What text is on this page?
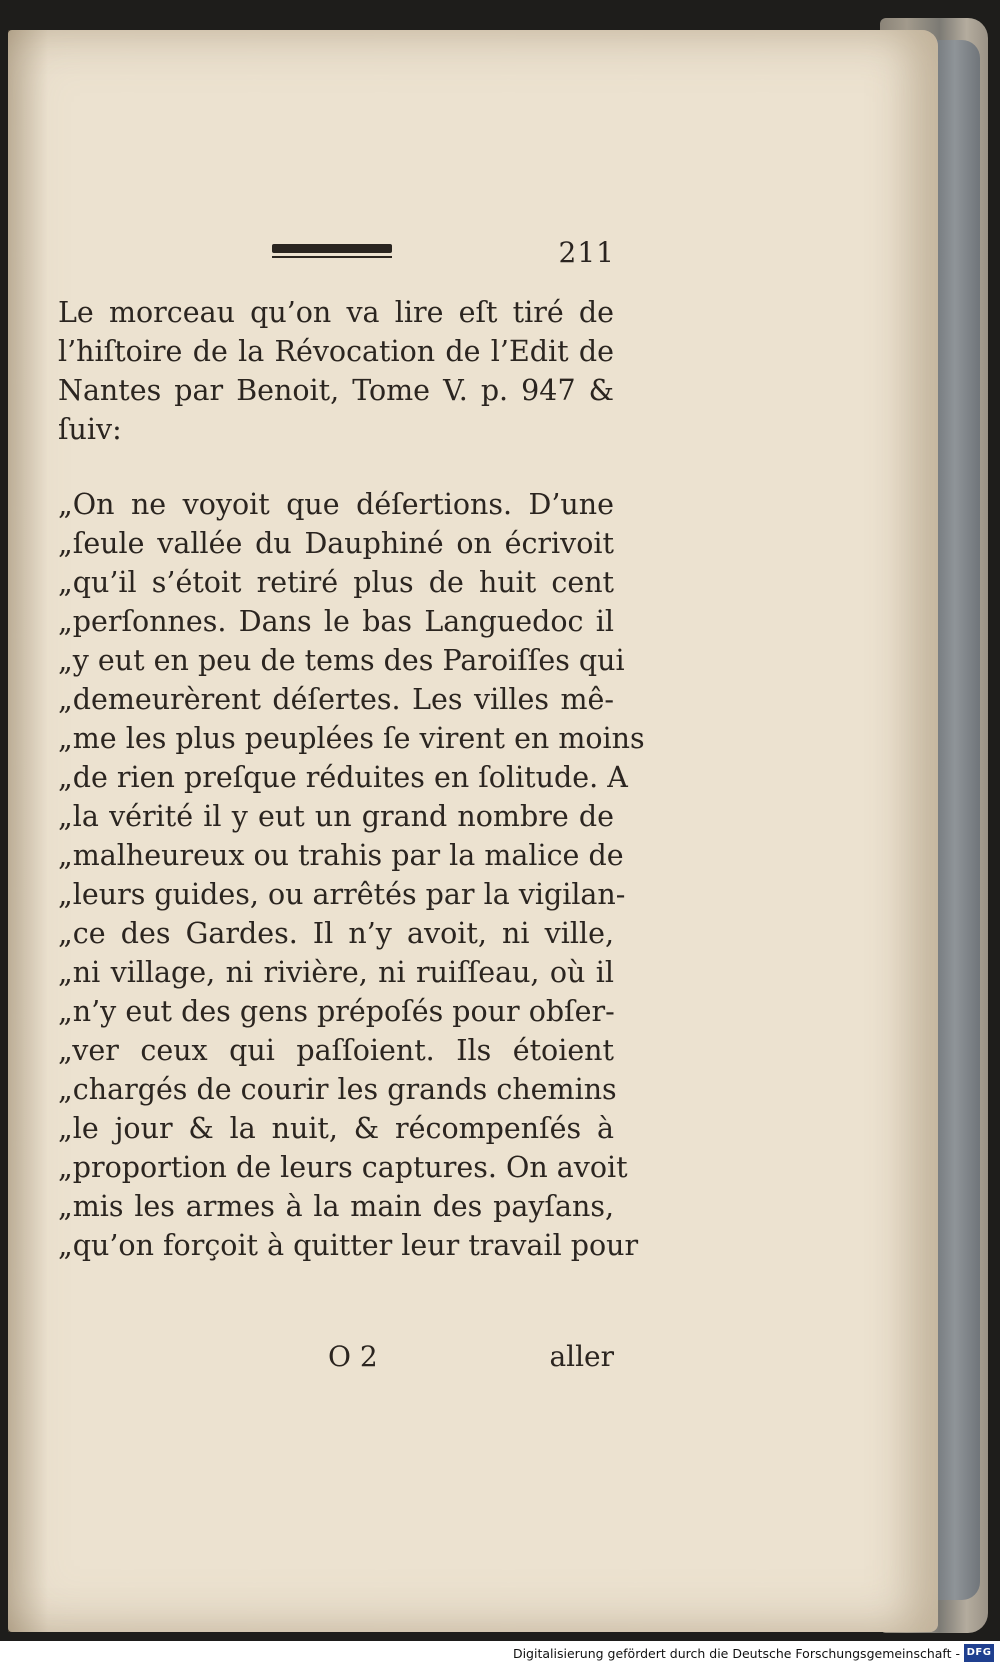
211
Le morceau qu’on va lire eſt tiré de
l’hiſtoire de la Révocation de l’Edit de
Nantes par Benoit, Tome V. p. 947 &
ſuiv:
„On ne voyoit que déſertions. D’une
„ſeule vallée du Dauphiné on écrivoit
„qu’il s’étoit retiré plus de huit cent
„perſonnes. Dans le bas Languedoc il
„y eut en peu de tems des Paroiſſes qui
„demeurèrent déſertes. Les villes mê-
„me les plus peuplées ſe virent en moins
„de rien preſque réduites en ſolitude. A
„la vérité il y eut un grand nombre de
„malheureux ou trahis par la malice de
„leurs guides, ou arrêtés par la vigilan-
„ce des Gardes. Il n’y avoit, ni ville,
„ni village, ni rivière, ni ruiſſeau, où il
„n’y eut des gens prépoſés pour obſer-
„ver ceux qui paſſoient. Ils étoient
„chargés de courir les grands chemins
„le jour & la nuit, & récompenſés à
„proportion de leurs captures. On avoit
„mis les armes à la main des payſans,
„qu’on forçoit à quitter leur travail pour
O 2	aller
Digitalisierung gefördert durch die Deutsche Forschungsgemeinschaft - DFG
